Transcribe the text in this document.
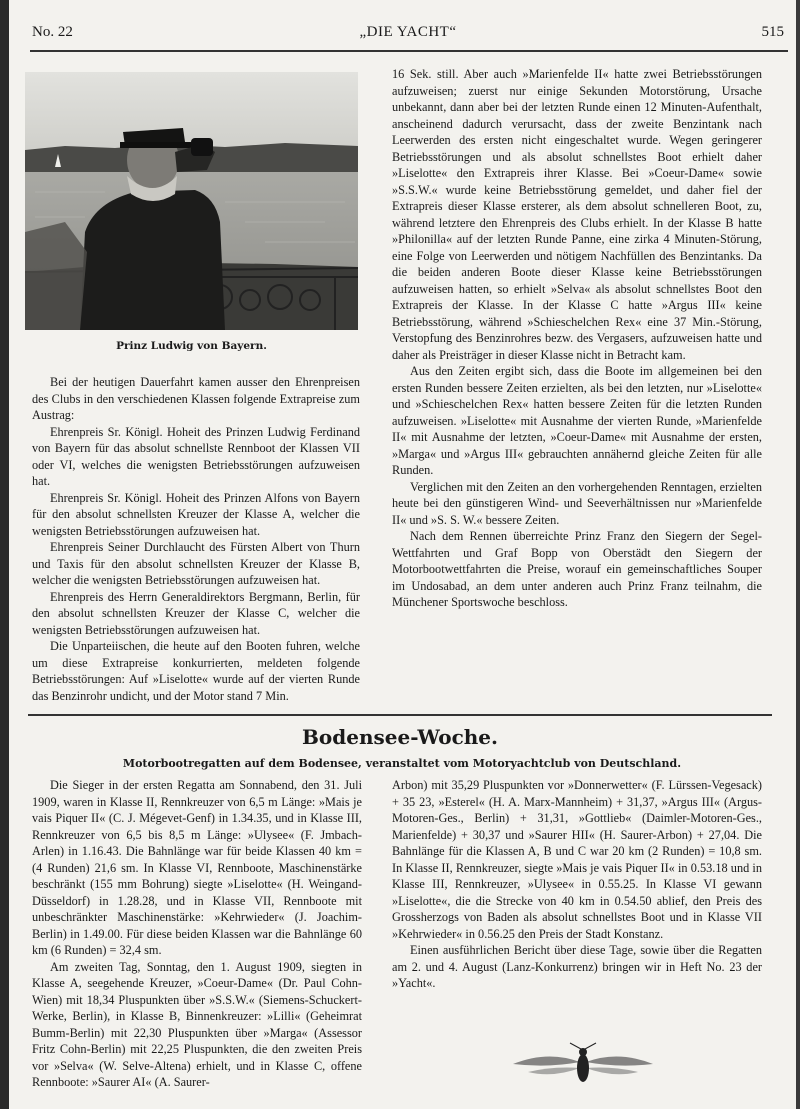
No. 22	„DIE YACHT“	515
Prinz Ludwig von Bayern.

Bei der heutigen Dauerfahrt kamen ausser den Ehrenpreisen des Clubs in den verschiedenen Klassen folgende Extrapreise zum Austrag:

Ehrenpreis Sr. Königl. Hoheit des Prinzen Ludwig Ferdinand von Bayern für das absolut schnellste Rennboot der Klassen VII oder VI, welches die wenigsten Betriebsstörungen aufzuweisen hat.

Ehrenpreis Sr. Königl. Hoheit des Prinzen Alfons von Bayern für den absolut schnellsten Kreuzer der Klasse A, welcher die wenigsten Betriebsstörungen aufzuweisen hat.

Ehrenpreis Seiner Durchlaucht des Fürsten Albert von Thurn und Taxis für den absolut schnellsten Kreuzer der Klasse B, welcher die wenigsten Betriebsstörungen aufzuweisen hat.

Ehrenpreis des Herrn Generaldirektors Bergmann, Berlin, für den absolut schnellsten Kreuzer der Klasse C, welcher die wenigsten Betriebsstörungen aufzuweisen hat.

Die Unparteiischen, die heute auf den Booten fuhren, welche um diese Extrapreise konkurrierten, meldeten folgende Betriebsstörungen: Auf »Liselotte« wurde auf der vierten Runde das Benzinrohr undicht, und der Motor stand 7 Min.

16 Sek. still. Aber auch »Marienfelde II« hatte zwei Betriebsstörungen aufzuweisen; zuerst nur einige Sekunden Motorstörung, Ursache unbekannt, dann aber bei der letzten Runde einen 12 Minuten-Aufenthalt, anscheinend dadurch verursacht, dass der zweite Benzintank nach Leerwerden des ersten nicht eingeschaltet wurde. Wegen geringerer Betriebsstörungen und als absolut schnellstes Boot erhielt daher »Liselotte« den Extrapreis ihrer Klasse. Bei »Coeur-Dame« sowie »S.S.W.« wurde keine Betriebsstörung gemeldet, und daher fiel der Extrapreis dieser Klasse ersterer, als dem absolut schnelleren Boot, zu, während letztere den Ehrenpreis des Clubs erhielt. In der Klasse B hatte »Philonilla« auf der letzten Runde Panne, eine zirka 4 Minuten-Störung, eine Folge von Leerwerden und nötigem Nachfüllen des Benzintanks. Da die beiden anderen Boote dieser Klasse keine Betriebsstörungen aufzuweisen hatten, so erhielt »Selva« als absolut schnellstes Boot den Extrapreis der Klasse. In der Klasse C hatte »Argus III« keine Betriebsstörung, während »Schieschelchen Rex« eine 37 Min.-Störung, Verstopfung des Benzinrohres bezw. des Vergasers, aufzuweisen hatte und daher als Preisträger in dieser Klasse nicht in Betracht kam.

Aus den Zeiten ergibt sich, dass die Boote im allgemeinen bei den ersten Runden bessere Zeiten erzielten, als bei den letzten, nur »Liselotte« und »Schieschelchen Rex« hatten bessere Zeiten für die letzten Runden aufzuweisen. »Liselotte« mit Ausnahme der vierten Runde, »Marienfelde II« mit Ausnahme der letzten, »Coeur-Dame« mit Ausnahme der ersten, »Marga« und »Argus III« gebrauchten annähernd gleiche Zeiten für alle Runden.

Verglichen mit den Zeiten an den vorhergehenden Renntagen, erzielten heute bei den günstigeren Wind- und Seeverhältnissen nur »Marienfelde II« und »S. S. W.« bessere Zeiten.

Nach dem Rennen überreichte Prinz Franz den Siegern der Segel-Wettfahrten und Graf Bopp von Oberstädt den Siegern der Motorbootwettfahrten die Preise, worauf ein gemeinschaftliches Souper im Undosabad, an dem unter anderen auch Prinz Franz teilnahm, die Münchener Sportswoche beschloss.

Bodensee-Woche.
Motorbootregatten auf dem Bodensee, veranstaltet vom Motoryachtclub von Deutschland.

Die Sieger in der ersten Regatta am Sonnabend, den 31. Juli 1909, waren in Klasse II, Rennkreuzer von 6,5 m Länge: »Mais je vais Piquer II« (C. J. Mégevet-Genf) in 1.34.35, und in Klasse III, Rennkreuzer von 6,5 bis 8,5 m Länge: »Ulysee« (F. Jmbach-Arlen) in 1.16.43. Die Bahnlänge war für beide Klassen 40 km = (4 Runden) 21,6 sm. In Klasse VI, Rennboote, Maschinenstärke beschränkt (155 mm Bohrung) siegte »Liselotte« (H. Weingand-Düsseldorf) in 1.28.28, und in Klasse VII, Rennboote mit unbeschränkter Maschinenstärke: »Kehrwieder« (J. Joachim-Berlin) in 1.49.00. Für diese beiden Klassen war die Bahnlänge 60 km (6 Runden) = 32,4 sm.

Am zweiten Tag, Sonntag, den 1. August 1909, siegten in Klasse A, seegehende Kreuzer, »Coeur-Dame« (Dr. Paul Cohn-Wien) mit 18,34 Pluspunkten über »S.S.W.« (Siemens-Schuckert-Werke, Berlin), in Klasse B, Binnenkreuzer: »Lilli« (Geheimrat Bumm-Berlin) mit 22,30 Pluspunkten über »Marga« (Assessor Fritz Cohn-Berlin) mit 22,25 Pluspunkten, die den zweiten Preis vor »Selva« (W. Selve-Altena) erhielt, und in Klasse C, offene Rennboote: »Saurer AI« (A. Saurer-

Arbon) mit 35,29 Pluspunkten vor »Donnerwetter« (F. Lürssen-Vegesack) + 35 23, »Esterel« (H. A. Marx-Mannheim) + 31,37, »Argus III« (Argus-Motoren-Ges., Berlin) + 31,31, »Gottlieb« (Daimler-Motoren-Ges., Marienfelde) + 30,37 und »Saurer HII« (H. Saurer-Arbon) + 27,04. Die Bahnlänge für die Klassen A, B und C war 20 km (2 Runden) = 10,8 sm. In Klasse II, Rennkreuzer, siegte »Mais je vais Piquer II« in 0.53.18 und in Klasse III, Rennkreuzer, »Ulysee« in 0.55.25. In Klasse VI gewann »Liselotte«, die die Strecke von 40 km in 0.54.50 ablief, den Preis des Grossherzogs von Baden als absolut schnellstes Boot und in Klasse VII »Kehrwieder« in 0.56.25 den Preis der Stadt Konstanz.

Einen ausführlichen Bericht über diese Tage, sowie über die Regatten am 2. und 4. August (Lanz-Konkurrenz) bringen wir in Heft No. 23 der »Yacht«.
